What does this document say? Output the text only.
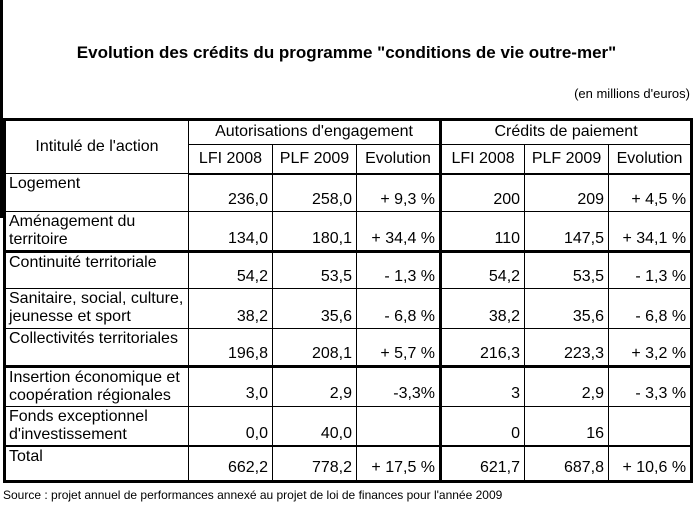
Evolution des crédits du programme "conditions de vie outre-mer"
(en millions d'euros)
Intitulé de l'action	Autorisations d'engagement			Crédits de paiement		
	LFI 2008	PLF 2009	Evolution	LFI 2008	PLF 2009	Evolution
Logement	236,0	258,0	+ 9,3 %	200	209	+ 4,5 %
Aménagement du territoire	134,0	180,1	+ 34,4 %	110	147,5	+ 34,1 %
Continuité territoriale	54,2	53,5	- 1,3 %	54,2	53,5	- 1,3 %
Sanitaire, social, culture, jeunesse et sport	38,2	35,6	- 6,8 %	38,2	35,6	- 6,8 %
Collectivités territoriales	196,8	208,1	+ 5,7 %	216,3	223,3	+ 3,2 %
Insertion économique et coopération régionales	3,0	2,9	-3,3%	3	2,9	- 3,3 %
Fonds exceptionnel d'investissement	0,0	40,0		0	16	
Total	662,2	778,2	+ 17,5 %	621,7	687,8	+ 10,6 %
Source : projet annuel de performances annexé au projet de loi de finances pour l'année 2009
